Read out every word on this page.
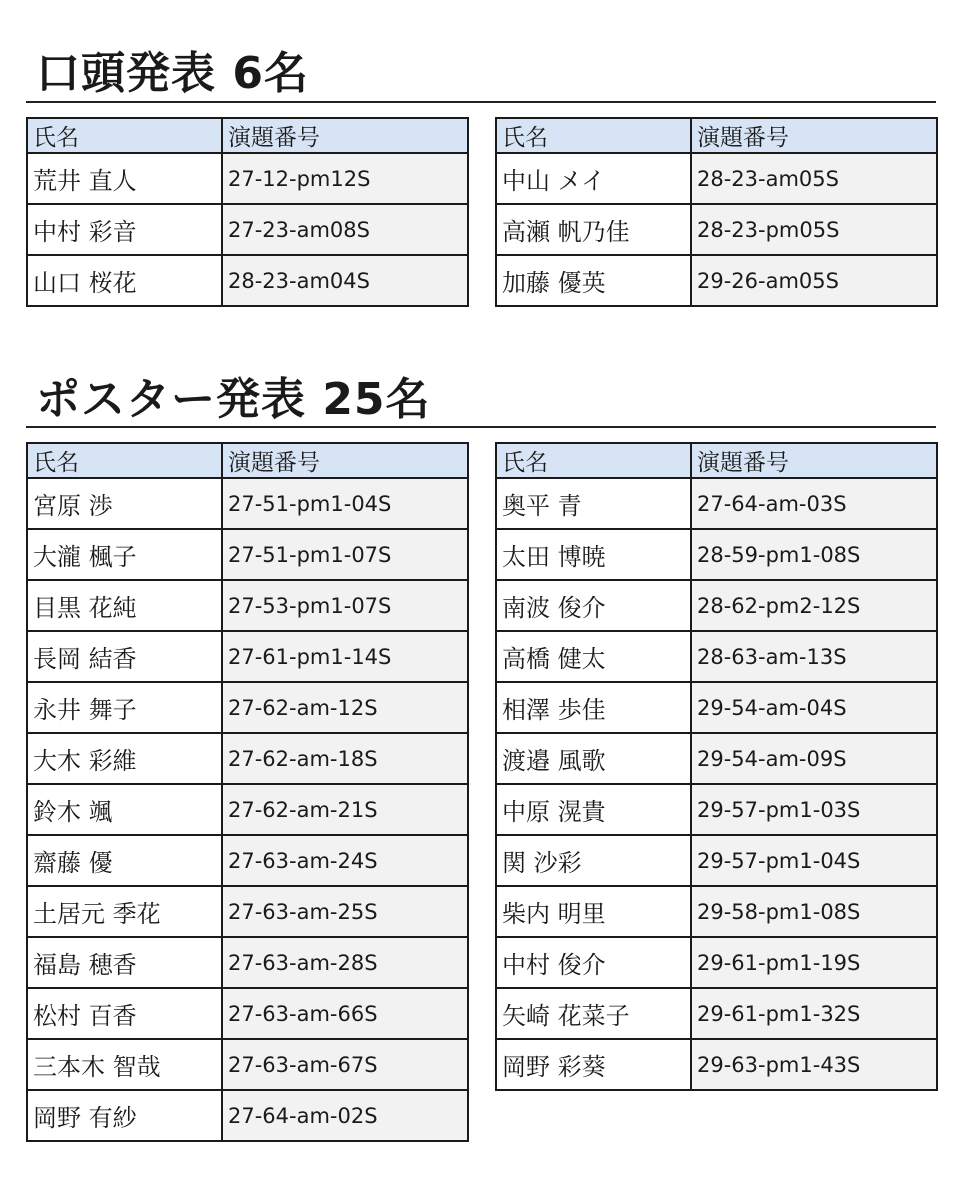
口頭発表 6名
氏名	演題番号
荒井 直人	27-12-pm12S
中村 彩音	27-23-am08S
山口 桜花	28-23-am04S
氏名	演題番号
中山 メイ	28-23-am05S
高瀬 帆乃佳	28-23-pm05S
加藤 優英	29-26-am05S
ポスター発表 25名
氏名	演題番号
宮原 渉	27-51-pm1-04S
大瀧 楓子	27-51-pm1-07S
目黒 花純	27-53-pm1-07S
長岡 結香	27-61-pm1-14S
永井 舞子	27-62-am-12S
大木 彩維	27-62-am-18S
鈴木 颯	27-62-am-21S
齋藤 優	27-63-am-24S
土居元 季花	27-63-am-25S
福島 穂香	27-63-am-28S
松村 百香	27-63-am-66S
三本木 智哉	27-63-am-67S
岡野 有紗	27-64-am-02S
氏名	演題番号
奥平 青	27-64-am-03S
太田 博暁	28-59-pm1-08S
南波 俊介	28-62-pm2-12S
高橋 健太	28-63-am-13S
相澤 歩佳	29-54-am-04S
渡邉 風歌	29-54-am-09S
中原 滉貴	29-57-pm1-03S
関 沙彩	29-57-pm1-04S
柴内 明里	29-58-pm1-08S
中村 俊介	29-61-pm1-19S
矢崎 花菜子	29-61-pm1-32S
岡野 彩葵	29-63-pm1-43S
